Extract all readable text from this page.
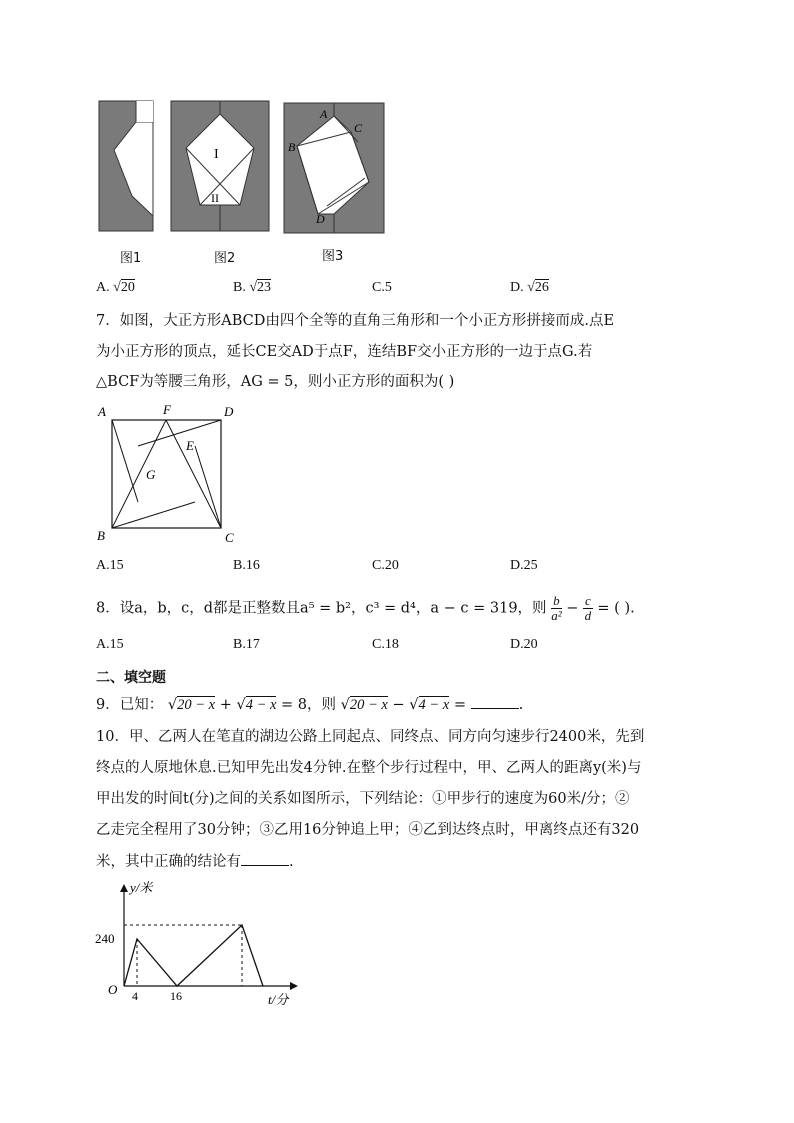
图1
I
II
图2
A
C
B
D
图3
A. √20	B. √23	C.5	D. √26
7．如图，大正方形ABCD由四个全等的直角三角形和一个小正方形拼接而成.点E
为小正方形的顶点，延长CE交AD于点F，连结BF交小正方形的一边于点G.若
△BCF为等腰三角形，AG = 5，则小正方形的面积为( )
A	F	D
E
G
B	C
A.15	B.16	C.20	D.25
8．设a，b，c，d都是正整数且a⁵ = b²，c³ = d⁴，a − c = 319，则 $\frac{b}{\text{a²}} - \frac{c}{d}$ = ( ).
A.15	B.17	C.18	D.20
二、填空题
9．已知： √20 − x + √4 − x = 8，则 √20 − x − √4 − x =	.
10．甲、乙两人在笔直的湖边公路上同起点、同终点、同方向匀速步行2400米，先到
终点的人原地休息.已知甲先出发4分钟.在整个步行过程中，甲、乙两人的距离y(米)与
甲出发的时间t(分)之间的关系如图所示，下列结论：①甲步行的速度为60米/分；②
乙走完全程用了30分钟；③乙用16分钟追上甲；④乙到达终点时，甲离终点还有320
米，其中正确的结论有	.
y/米
t/分
O
240
4	16
